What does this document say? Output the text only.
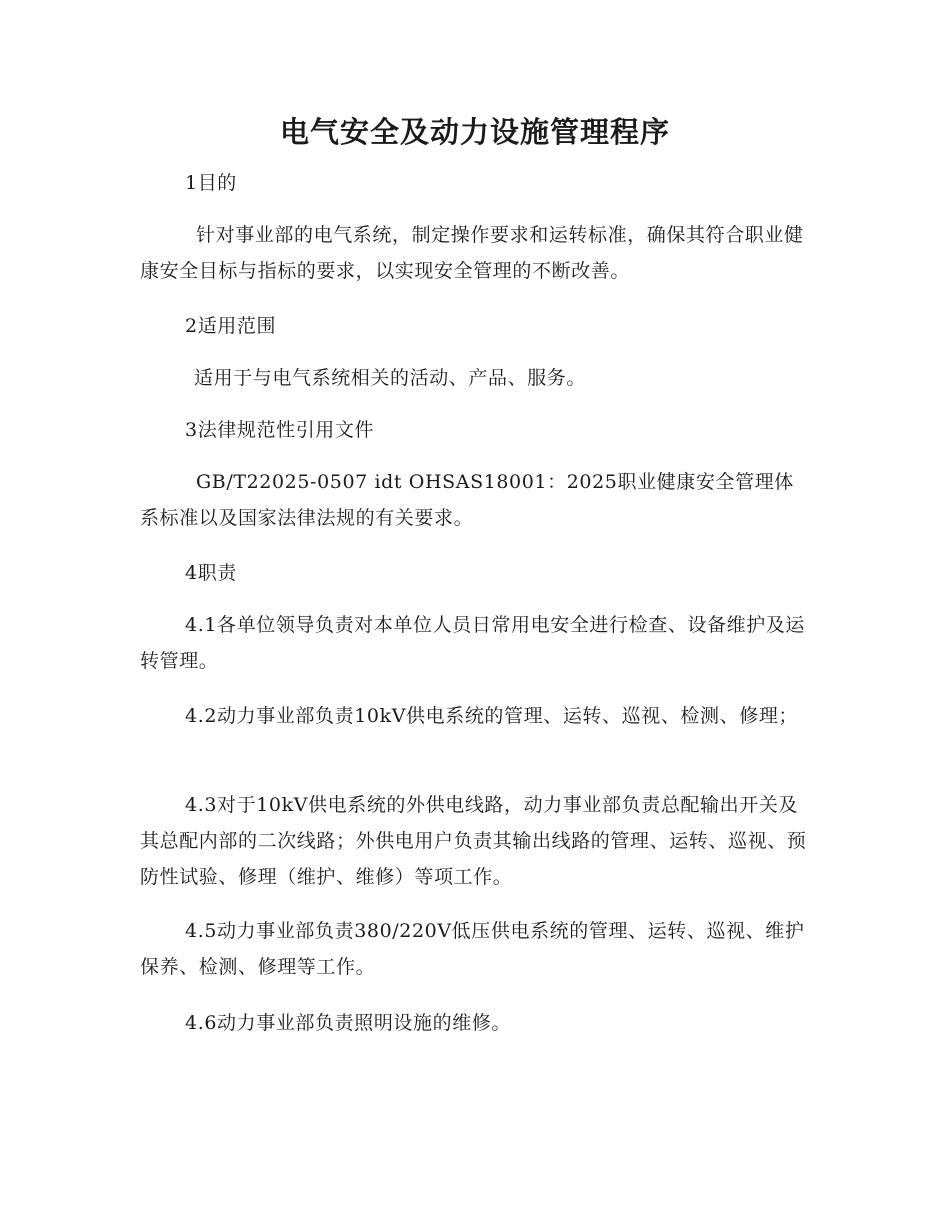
电气安全及动力设施管理程序
1目的
针对事业部的电气系统，制定操作要求和运转标准，确保其符合职业健康安全目标与指标的要求，以实现安全管理的不断改善。
2适用范围
适用于与电气系统相关的活动、产品、服务。
3法律规范性引用文件
GB/T22025-0507 idt OHSAS18001：2025职业健康安全管理体系标准以及国家法律法规的有关要求。
4职责
4.1各单位领导负责对本单位人员日常用电安全进行检查、设备维护及运转管理。
4.2动力事业部负责10kV供电系统的管理、运转、巡视、检测、修理；
4.3对于10kV供电系统的外供电线路，动力事业部负责总配输出开关及其总配内部的二次线路；外供电用户负责其输出线路的管理、运转、巡视、预防性试验、修理（维护、维修）等项工作。
4.5动力事业部负责380/220V低压供电系统的管理、运转、巡视、维护保养、检测、修理等工作。
4.6动力事业部负责照明设施的维修。
